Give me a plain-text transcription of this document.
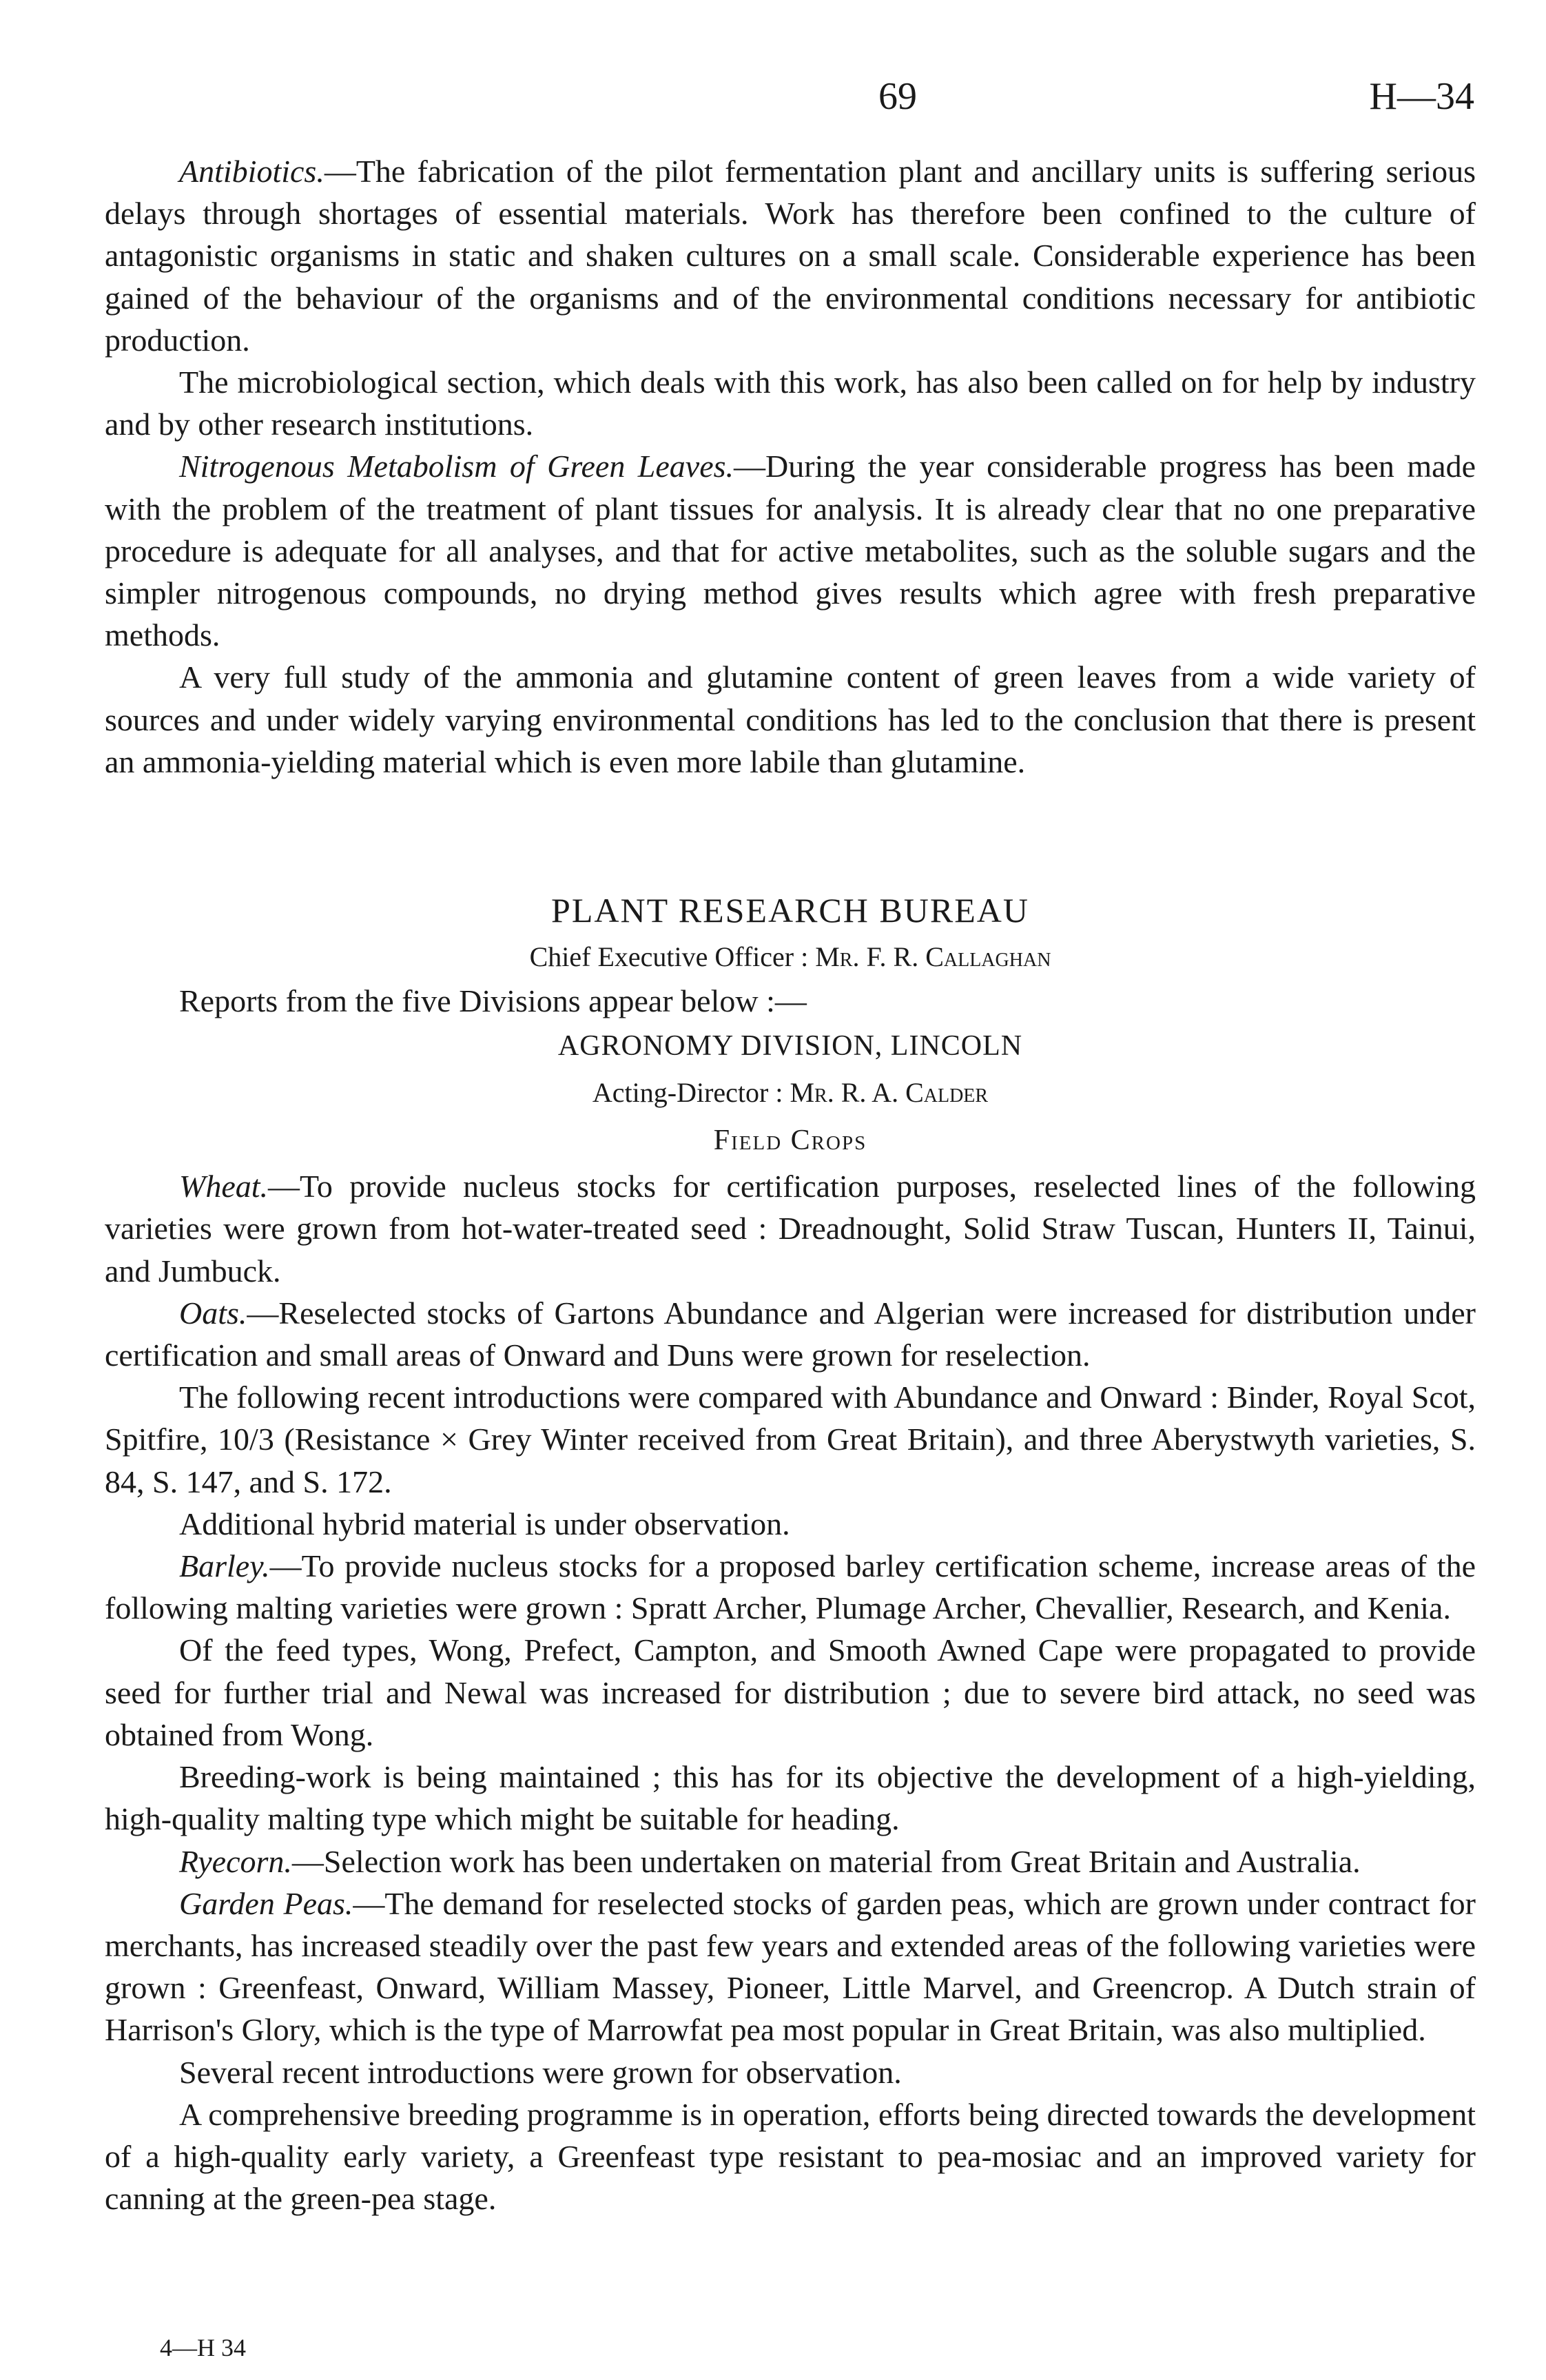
69	H—34

Antibiotics.—The fabrication of the pilot fermentation plant and ancillary units is suffering serious delays through shortages of essential materials. Work has therefore been confined to the culture of antagonistic organisms in static and shaken cultures on a small scale. Considerable experience has been gained of the behaviour of the organisms and of the environmental conditions necessary for antibiotic production.

The microbiological section, which deals with this work, has also been called on for help by industry and by other research institutions.

Nitrogenous Metabolism of Green Leaves.—During the year considerable progress has been made with the problem of the treatment of plant tissues for analysis. It is already clear that no one preparative procedure is adequate for all analyses, and that for active metabolites, such as the soluble sugars and the simpler nitrogenous compounds, no drying method gives results which agree with fresh preparative methods.

A very full study of the ammonia and glutamine content of green leaves from a wide variety of sources and under widely varying environmental conditions has led to the conclusion that there is present an ammonia-yielding material which is even more labile than glutamine.

PLANT RESEARCH BUREAU
Chief Executive Officer : Mr. F. R. Callaghan

Reports from the five Divisions appear below :—

AGRONOMY DIVISION, LINCOLN
Acting-Director : Mr. R. A. Calder
Field Crops

Wheat.—To provide nucleus stocks for certification purposes, reselected lines of the following varieties were grown from hot-water-treated seed : Dreadnought, Solid Straw Tuscan, Hunters II, Tainui, and Jumbuck.

Oats.—Reselected stocks of Gartons Abundance and Algerian were increased for distribution under certification and small areas of Onward and Duns were grown for reselection.

The following recent introductions were compared with Abundance and Onward : Binder, Royal Scot, Spitfire, 10/3 (Resistance × Grey Winter received from Great Britain), and three Aberystwyth varieties, S. 84, S. 147, and S. 172.

Additional hybrid material is under observation.

Barley.—To provide nucleus stocks for a proposed barley certification scheme, increase areas of the following malting varieties were grown : Spratt Archer, Plumage Archer, Chevallier, Research, and Kenia.

Of the feed types, Wong, Prefect, Campton, and Smooth Awned Cape were propagated to provide seed for further trial and Newal was increased for distribution ; due to severe bird attack, no seed was obtained from Wong.

Breeding-work is being maintained ; this has for its objective the development of a high-yielding, high-quality malting type which might be suitable for heading.

Ryecorn.—Selection work has been undertaken on material from Great Britain and Australia.

Garden Peas.—The demand for reselected stocks of garden peas, which are grown under contract for merchants, has increased steadily over the past few years and extended areas of the following varieties were grown : Greenfeast, Onward, William Massey, Pioneer, Little Marvel, and Greencrop. A Dutch strain of Harrison's Glory, which is the type of Marrowfat pea most popular in Great Britain, was also multiplied.

Several recent introductions were grown for observation.

A comprehensive breeding programme is in operation, efforts being directed towards the development of a high-quality early variety, a Greenfeast type resistant to pea-mosiac and an improved variety for canning at the green-pea stage.

4—H 34
